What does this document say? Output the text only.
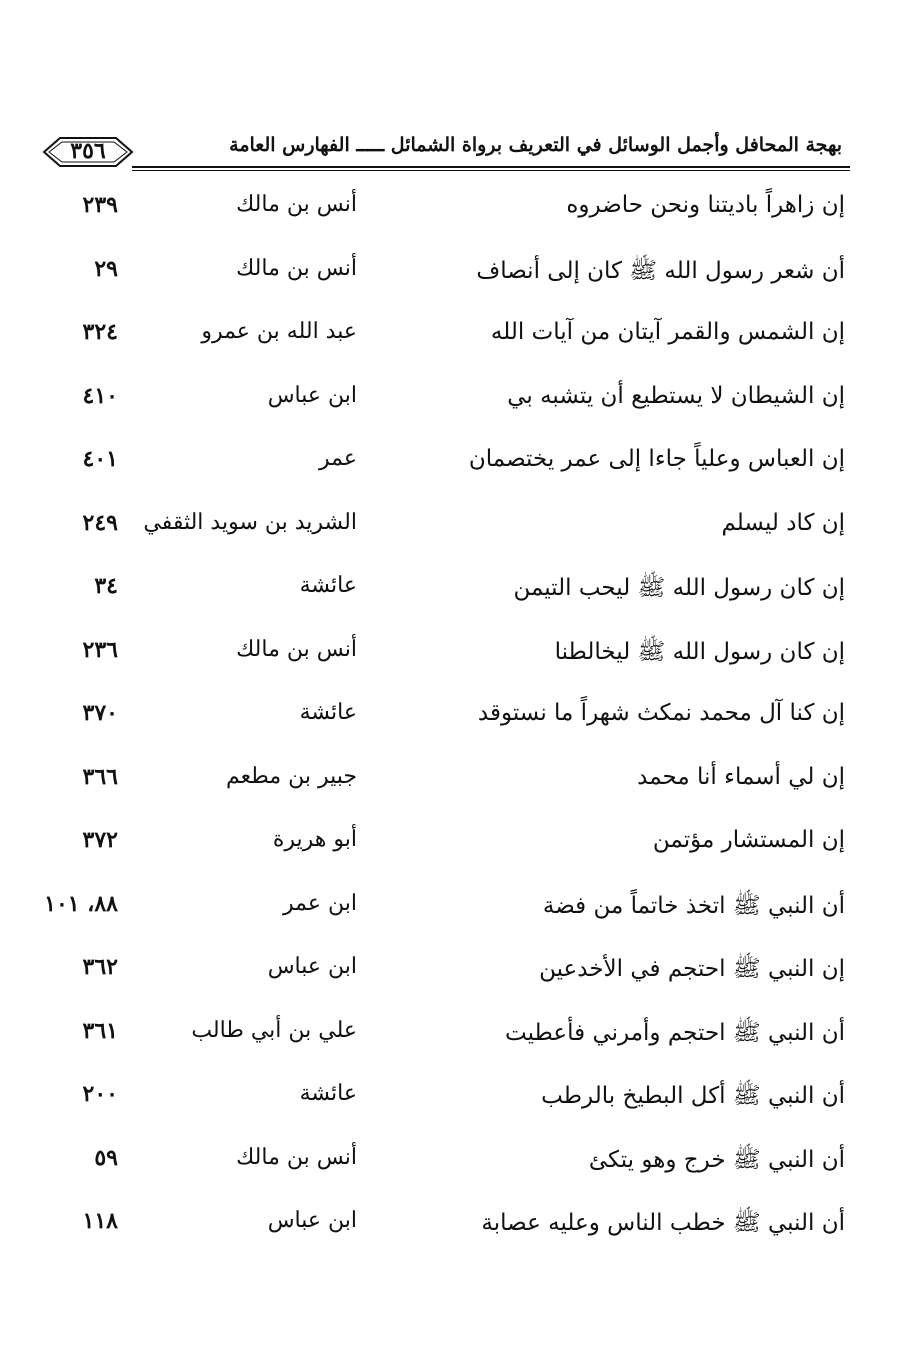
بهجة المحافل وأجمل الوسائل في التعريف برواة الشمائل ـــــ الفهارس العامة
٣٥٦
إن زاهراً باديتنا ونحن حاضروه
أنس بن مالك
٢٣٩
أن شعر رسول الله ﷺ كان إلى أنصاف
أنس بن مالك
٢٩
إن الشمس والقمر آيتان من آيات الله
عبد الله بن عمرو
٣٢٤
إن الشيطان لا يستطيع أن يتشبه بي
ابن عباس
٤١٠
إن العباس وعلياً جاءا إلى عمر يختصمان
عمر
٤٠١
إن كاد ليسلم
الشريد بن سويد الثقفي
٢٤٩
إن كان رسول الله ﷺ ليحب التيمن
عائشة
٣٤
إن كان رسول الله ﷺ ليخالطنا
أنس بن مالك
٢٣٦
إن كنا آل محمد نمكث شهراً ما نستوقد
عائشة
٣٧٠
إن لي أسماء أنا محمد
جبير بن مطعم
٣٦٦
إن المستشار مؤتمن
أبو هريرة
٣٧٢
أن النبي ﷺ اتخذ خاتماً من فضة
ابن عمر
٨٨، ١٠١
إن النبي ﷺ احتجم في الأخدعين
ابن عباس
٣٦٢
أن النبي ﷺ احتجم وأمرني فأعطيت
علي بن أبي طالب
٣٦١
أن النبي ﷺ أكل البطيخ بالرطب
عائشة
٢٠٠
أن النبي ﷺ خرج وهو يتكئ
أنس بن مالك
٥٩
أن النبي ﷺ خطب الناس وعليه عصابة
ابن عباس
١١٨
